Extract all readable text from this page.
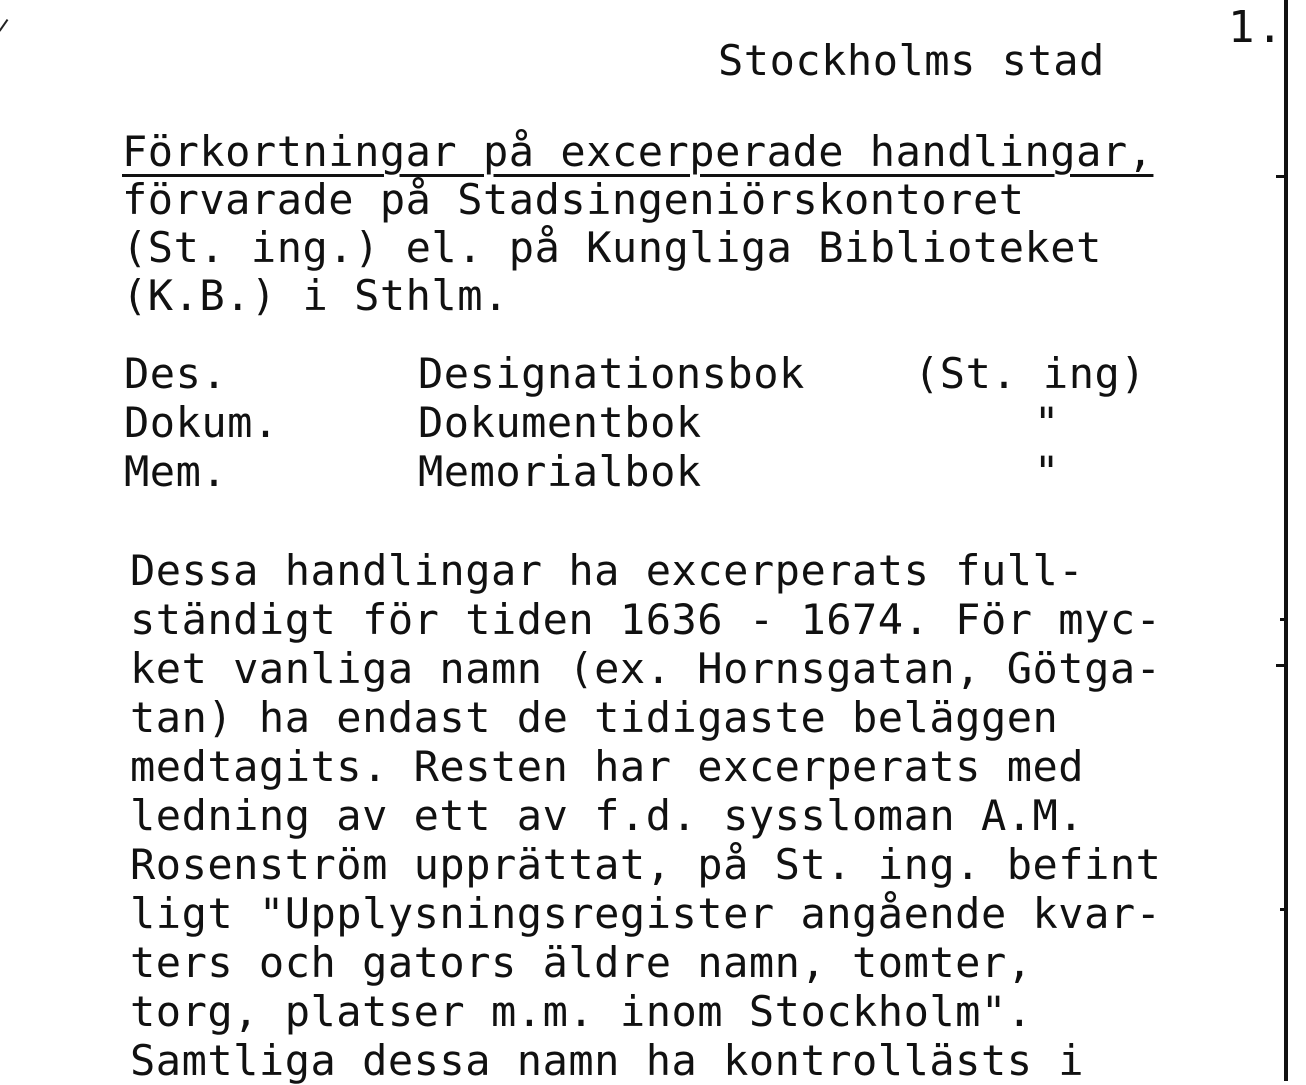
1.
Stockholms stad
Förkortningar på excerperade handlingar,
förvarade på Stadsingeniörskontoret
(St. ing.) el. på Kungliga Biblioteket
(K.B.) i Sthlm.
Des.	Designationsbok	(St. ing)
Dokum.	Dokumentbok	"
Mem.	Memorialbok	"
Dessa handlingar ha excerperats full-
ständigt för tiden 1636 - 1674. För myc-
ket vanliga namn (ex. Hornsgatan, Götga-
tan) ha endast de tidigaste beläggen
medtagits. Resten har excerperats med
ledning av ett av f.d. syssloman A.M.
Rosenström upprättat, på St. ing. befint
ligt "Upplysningsregister angående kvar-
ters och gators äldre namn, tomter,
torg, platser m.m. inom Stockholm".
Samtliga dessa namn ha kontrollästs i
